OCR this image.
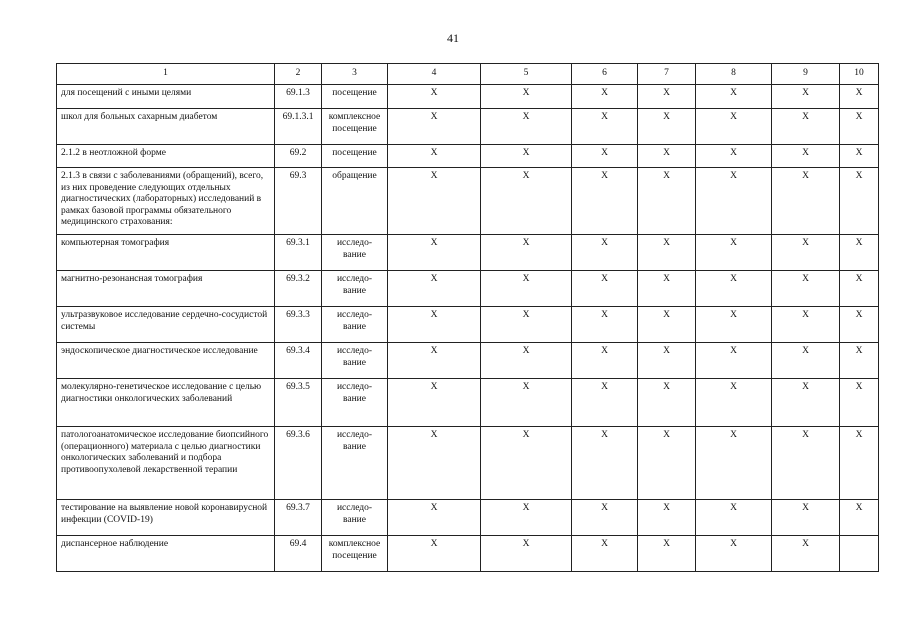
41
1	2	3	4	5	6	7	8	9	10
для посещений с иными целями	69.1.3	посещение	X	X	X	X	X	X	X
школ для больных сахарным диабетом	69.1.3.1	комплексное посещение	X	X	X	X	X	X	X
2.1.2 в неотложной форме	69.2	посещение	X	X	X	X	X	X	X
2.1.3 в связи с заболеваниями (обращений), всего, из них проведение следующих отдельных диагностических (лабораторных) исследований в рамках базовой программы обязательного медицинского страхования:	69.3	обращение	X	X	X	X	X	X	X
компьютерная томография	69.3.1	исследо-вание	X	X	X	X	X	X	X
магнитно-резонансная томография	69.3.2	исследо-вание	X	X	X	X	X	X	X
ультразвуковое исследование сердечно-сосудистой системы	69.3.3	исследо-вание	X	X	X	X	X	X	X
эндоскопическое диагностическое исследование	69.3.4	исследо-вание	X	X	X	X	X	X	X
молекулярно-генетическое исследование с целью диагностики онкологических заболеваний	69.3.5	исследо-вание	X	X	X	X	X	X	X
патологоанатомическое исследование биопсийного (операционного) материала с целью диагностики онкологических заболеваний и подбора противоопухолевой лекарственной терапии	69.3.6	исследо-вание	X	X	X	X	X	X	X
тестирование на выявление новой коронавирусной инфекции (COVID-19)	69.3.7	исследо-вание	X	X	X	X	X	X	X
диспансерное наблюдение	69.4	комплексное посещение	X	X	X	X	X	X	
